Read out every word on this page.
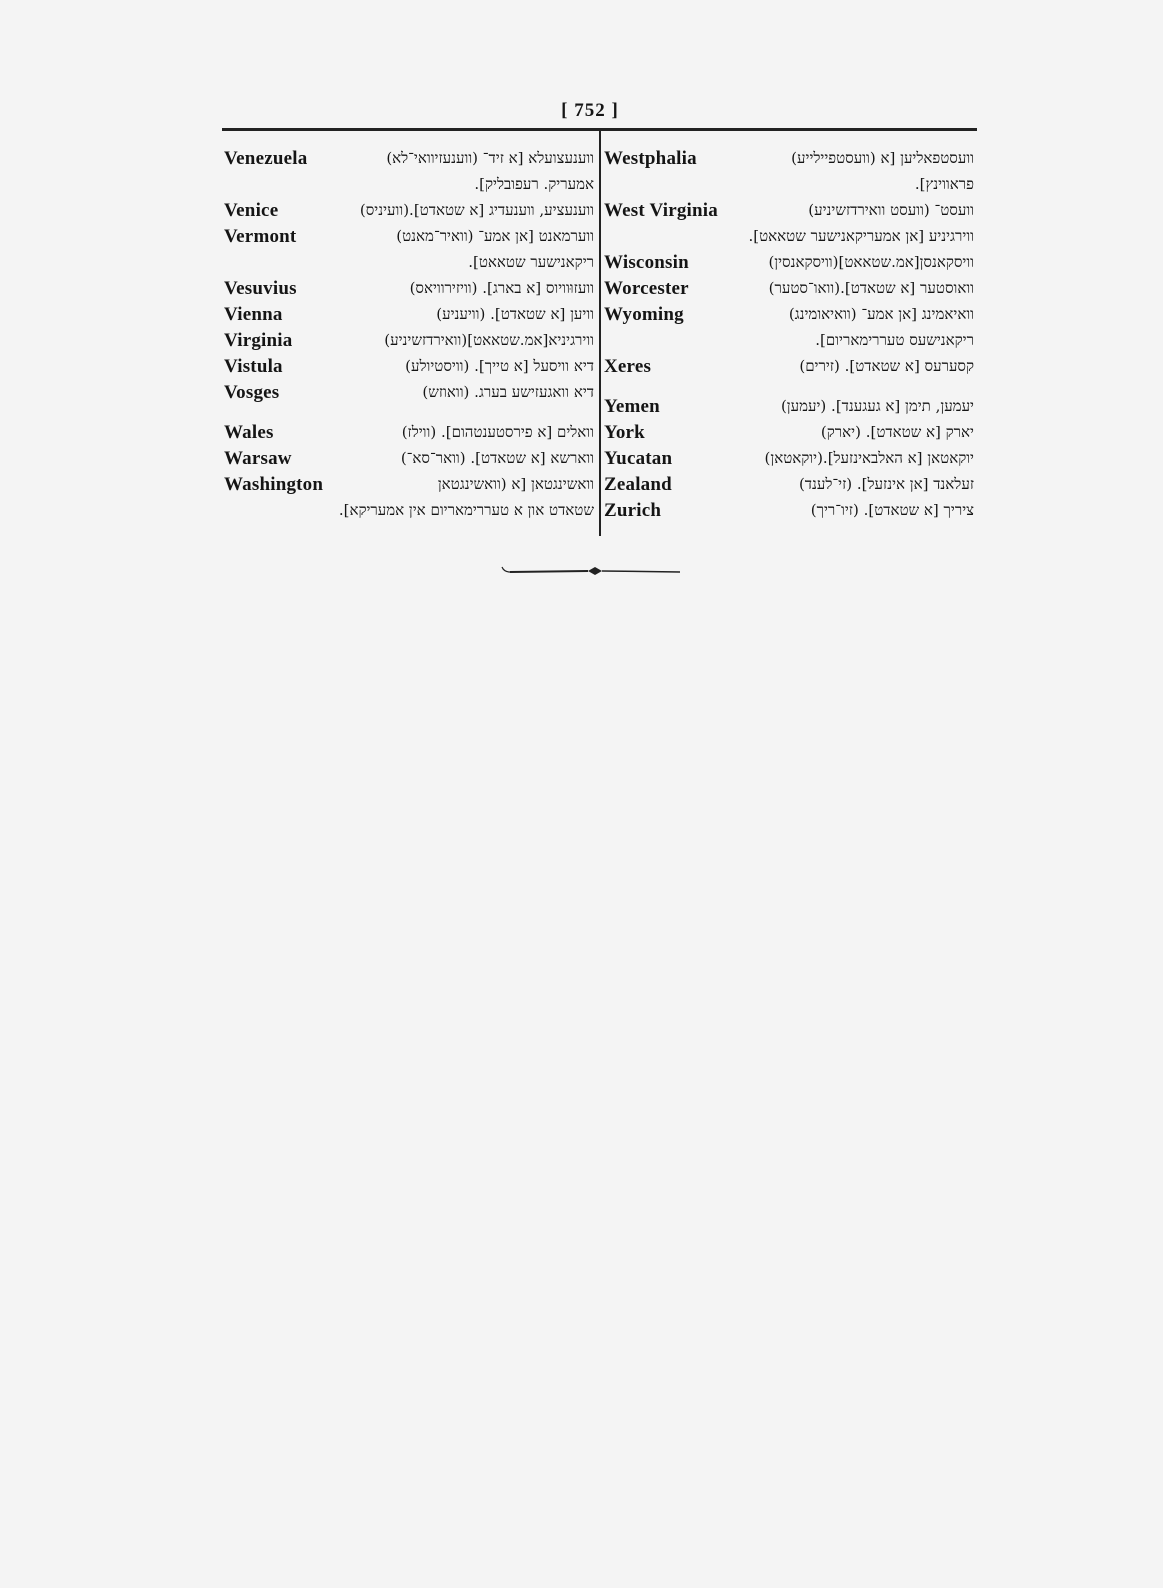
[ 752 ]
Venezuela	ווענעצועלא [א זיד־ (ווענעזיוואי־לא)
אמעריק. רעפובליק].
Venice	ווענעציע, ווענעדיג [א שטאדט].(וועיניס)
Vermont	ווערמאנט [אן אמע־ (וואיר־מאנט)
ריקאנישער שטאאט].
Vesuvius	וועזוּוויוס [א בארג]. (וויזירוויאס)
Vienna	וויען [א שטאדט]. (וויעניע)
Virginia	ווירגיניא[אמ.שטאאט](וואירדזשיניע)
Vistula	דיא וויסעל [א טייך]. (וויסטיולע)
Vosges	דיא וואגעזישע בערג. (וואוזש)
Wales	וואלים [א פירסטענטהום]. (ווילז)
Warsaw	ווארשא [א שטאדט]. (וואר־סא־)
Washington	וואשינגטאן [א (וואשינגטאן
שטאדט און א טעררימאריום אין אמעריקא].
Westphalia	וועסטפאליען [א (וועסטפיילייע)
פראווינץ].
West Virginia	וועסט־ (וועסט וואירדזשיניע)
ווירגיניע [אן אמעריקאנישער שטאאט].
Wisconsin	וויסקאנסן[אמ.שטאאט](וויסקאנסין)
Worcester	וואוסטער [א שטאדט].(וואו־סטער)
Wyoming	וואיאמינג [אן אמע־ (וואיאומינג)
ריקאנישעס טעררימאריום].
Xeres	קסערעס [א שטאדט]. (זירים)
Yemen	יעמען, תימן [א געגענד]. (יעמען)
York	יארק [א שטאדט]. (יארק)
Yucatan	יוקאטאן [א האלבאינזעל].(יוקאטאן)
Zealand	זעלאנד [אן אינזעל]. (זי־לענד)
Zurich	ציריך [א שטאדט]. (זיו־ריך)
